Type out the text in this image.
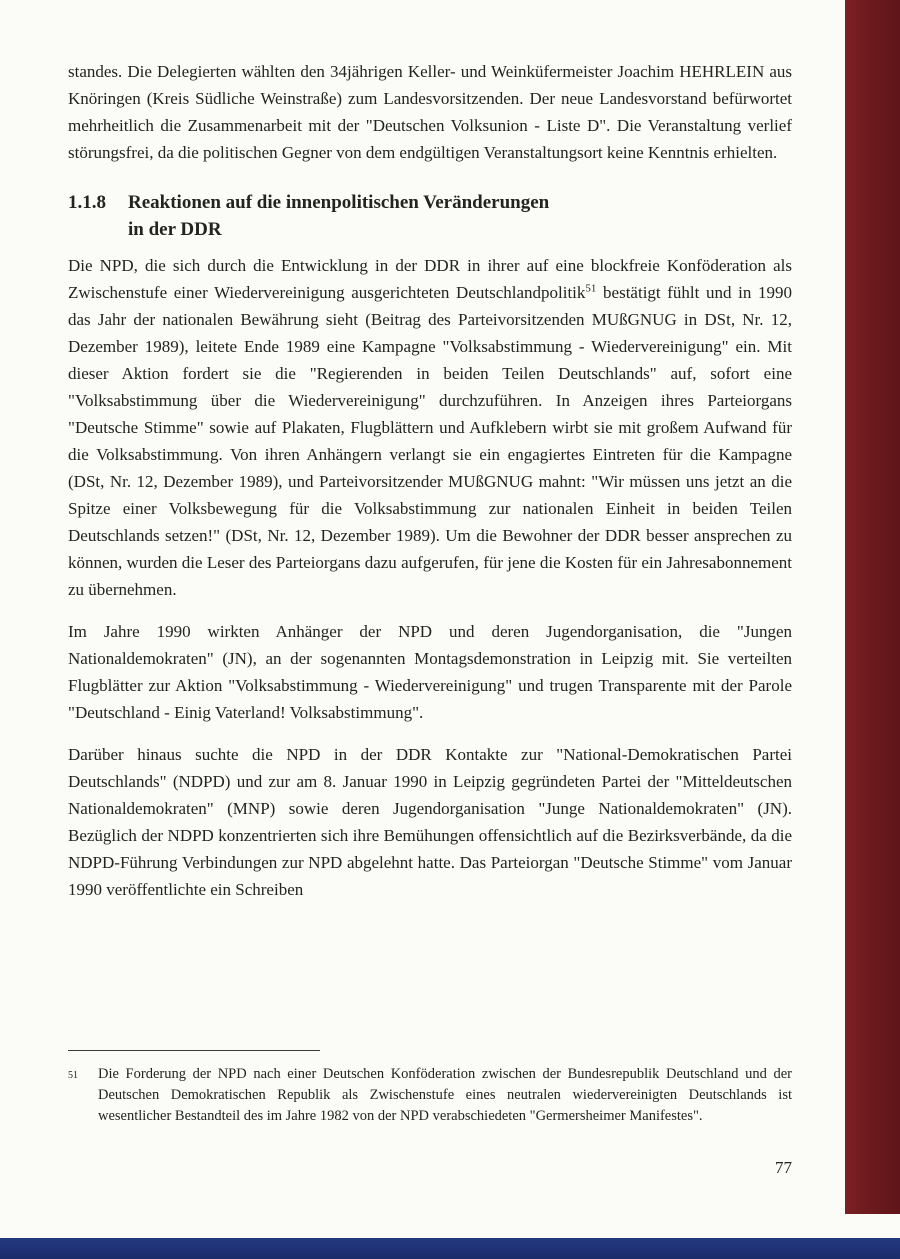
standes. Die Delegierten wählten den 34jährigen Keller- und Weinküfermeister Joachim HEHRLEIN aus Knöringen (Kreis Südliche Weinstraße) zum Landesvorsitzenden. Der neue Landesvorstand befürwortet mehrheitlich die Zusammenarbeit mit der "Deutschen Volksunion - Liste D". Die Veranstaltung verlief störungsfrei, da die politischen Gegner von dem endgültigen Veranstaltungsort keine Kenntnis erhielten.

1.1.8 Reaktionen auf die innenpolitischen Veränderungen
in der DDR

Die NPD, die sich durch die Entwicklung in der DDR in ihrer auf eine blockfreie Konföderation als Zwischenstufe einer Wiedervereinigung ausgerichteten Deutschlandpolitik$^{51}$ bestätigt fühlt und in 1990 das Jahr der nationalen Bewährung sieht (Beitrag des Parteivorsitzenden MUßGNUG in DSt, Nr. 12, Dezember 1989), leitete Ende 1989 eine Kampagne "Volksabstimmung - Wiedervereinigung" ein. Mit dieser Aktion fordert sie die "Regierenden in beiden Teilen Deutschlands" auf, sofort eine "Volksabstimmung über die Wiedervereinigung" durchzuführen. In Anzeigen ihres Parteiorgans "Deutsche Stimme" sowie auf Plakaten, Flugblättern und Aufklebern wirbt sie mit großem Aufwand für die Volksabstimmung. Von ihren Anhängern verlangt sie ein engagiertes Eintreten für die Kampagne (DSt, Nr. 12, Dezember 1989), und Parteivorsitzender MUßGNUG mahnt: "Wir müssen uns jetzt an die Spitze einer Volksbewegung für die Volksabstimmung zur nationalen Einheit in beiden Teilen Deutschlands setzen!" (DSt, Nr. 12, Dezember 1989). Um die Bewohner der DDR besser ansprechen zu können, wurden die Leser des Parteiorgans dazu aufgerufen, für jene die Kosten für ein Jahresabonnement zu übernehmen.

Im Jahre 1990 wirkten Anhänger der NPD und deren Jugendorganisation, die "Jungen Nationaldemokraten" (JN), an der sogenannten Montagsdemonstration in Leipzig mit. Sie verteilten Flugblätter zur Aktion "Volksabstimmung - Wiedervereinigung" und trugen Transparente mit der Parole "Deutschland - Einig Vaterland! Volksabstimmung".

Darüber hinaus suchte die NPD in der DDR Kontakte zur "National-Demokratischen Partei Deutschlands" (NDPD) und zur am 8. Januar 1990 in Leipzig gegründeten Partei der "Mitteldeutschen Nationaldemokraten" (MNP) sowie deren Jugendorganisation "Junge Nationaldemokraten" (JN). Bezüglich der NDPD konzentrierten sich ihre Bemühungen offensichtlich auf die Bezirksverbände, da die NDPD-Führung Verbindungen zur NPD abgelehnt hatte. Das Parteiorgan "Deutsche Stimme" vom Januar 1990 veröffentlichte ein Schreiben

51	Die Forderung der NPD nach einer Deutschen Konföderation zwischen der Bundesrepublik Deutschland und der Deutschen Demokratischen Republik als Zwischenstufe eines neutralen wiedervereinigten Deutschlands ist wesentlicher Bestandteil des im Jahre 1982 von der NPD verabschiedeten "Germersheimer Manifestes".
77
